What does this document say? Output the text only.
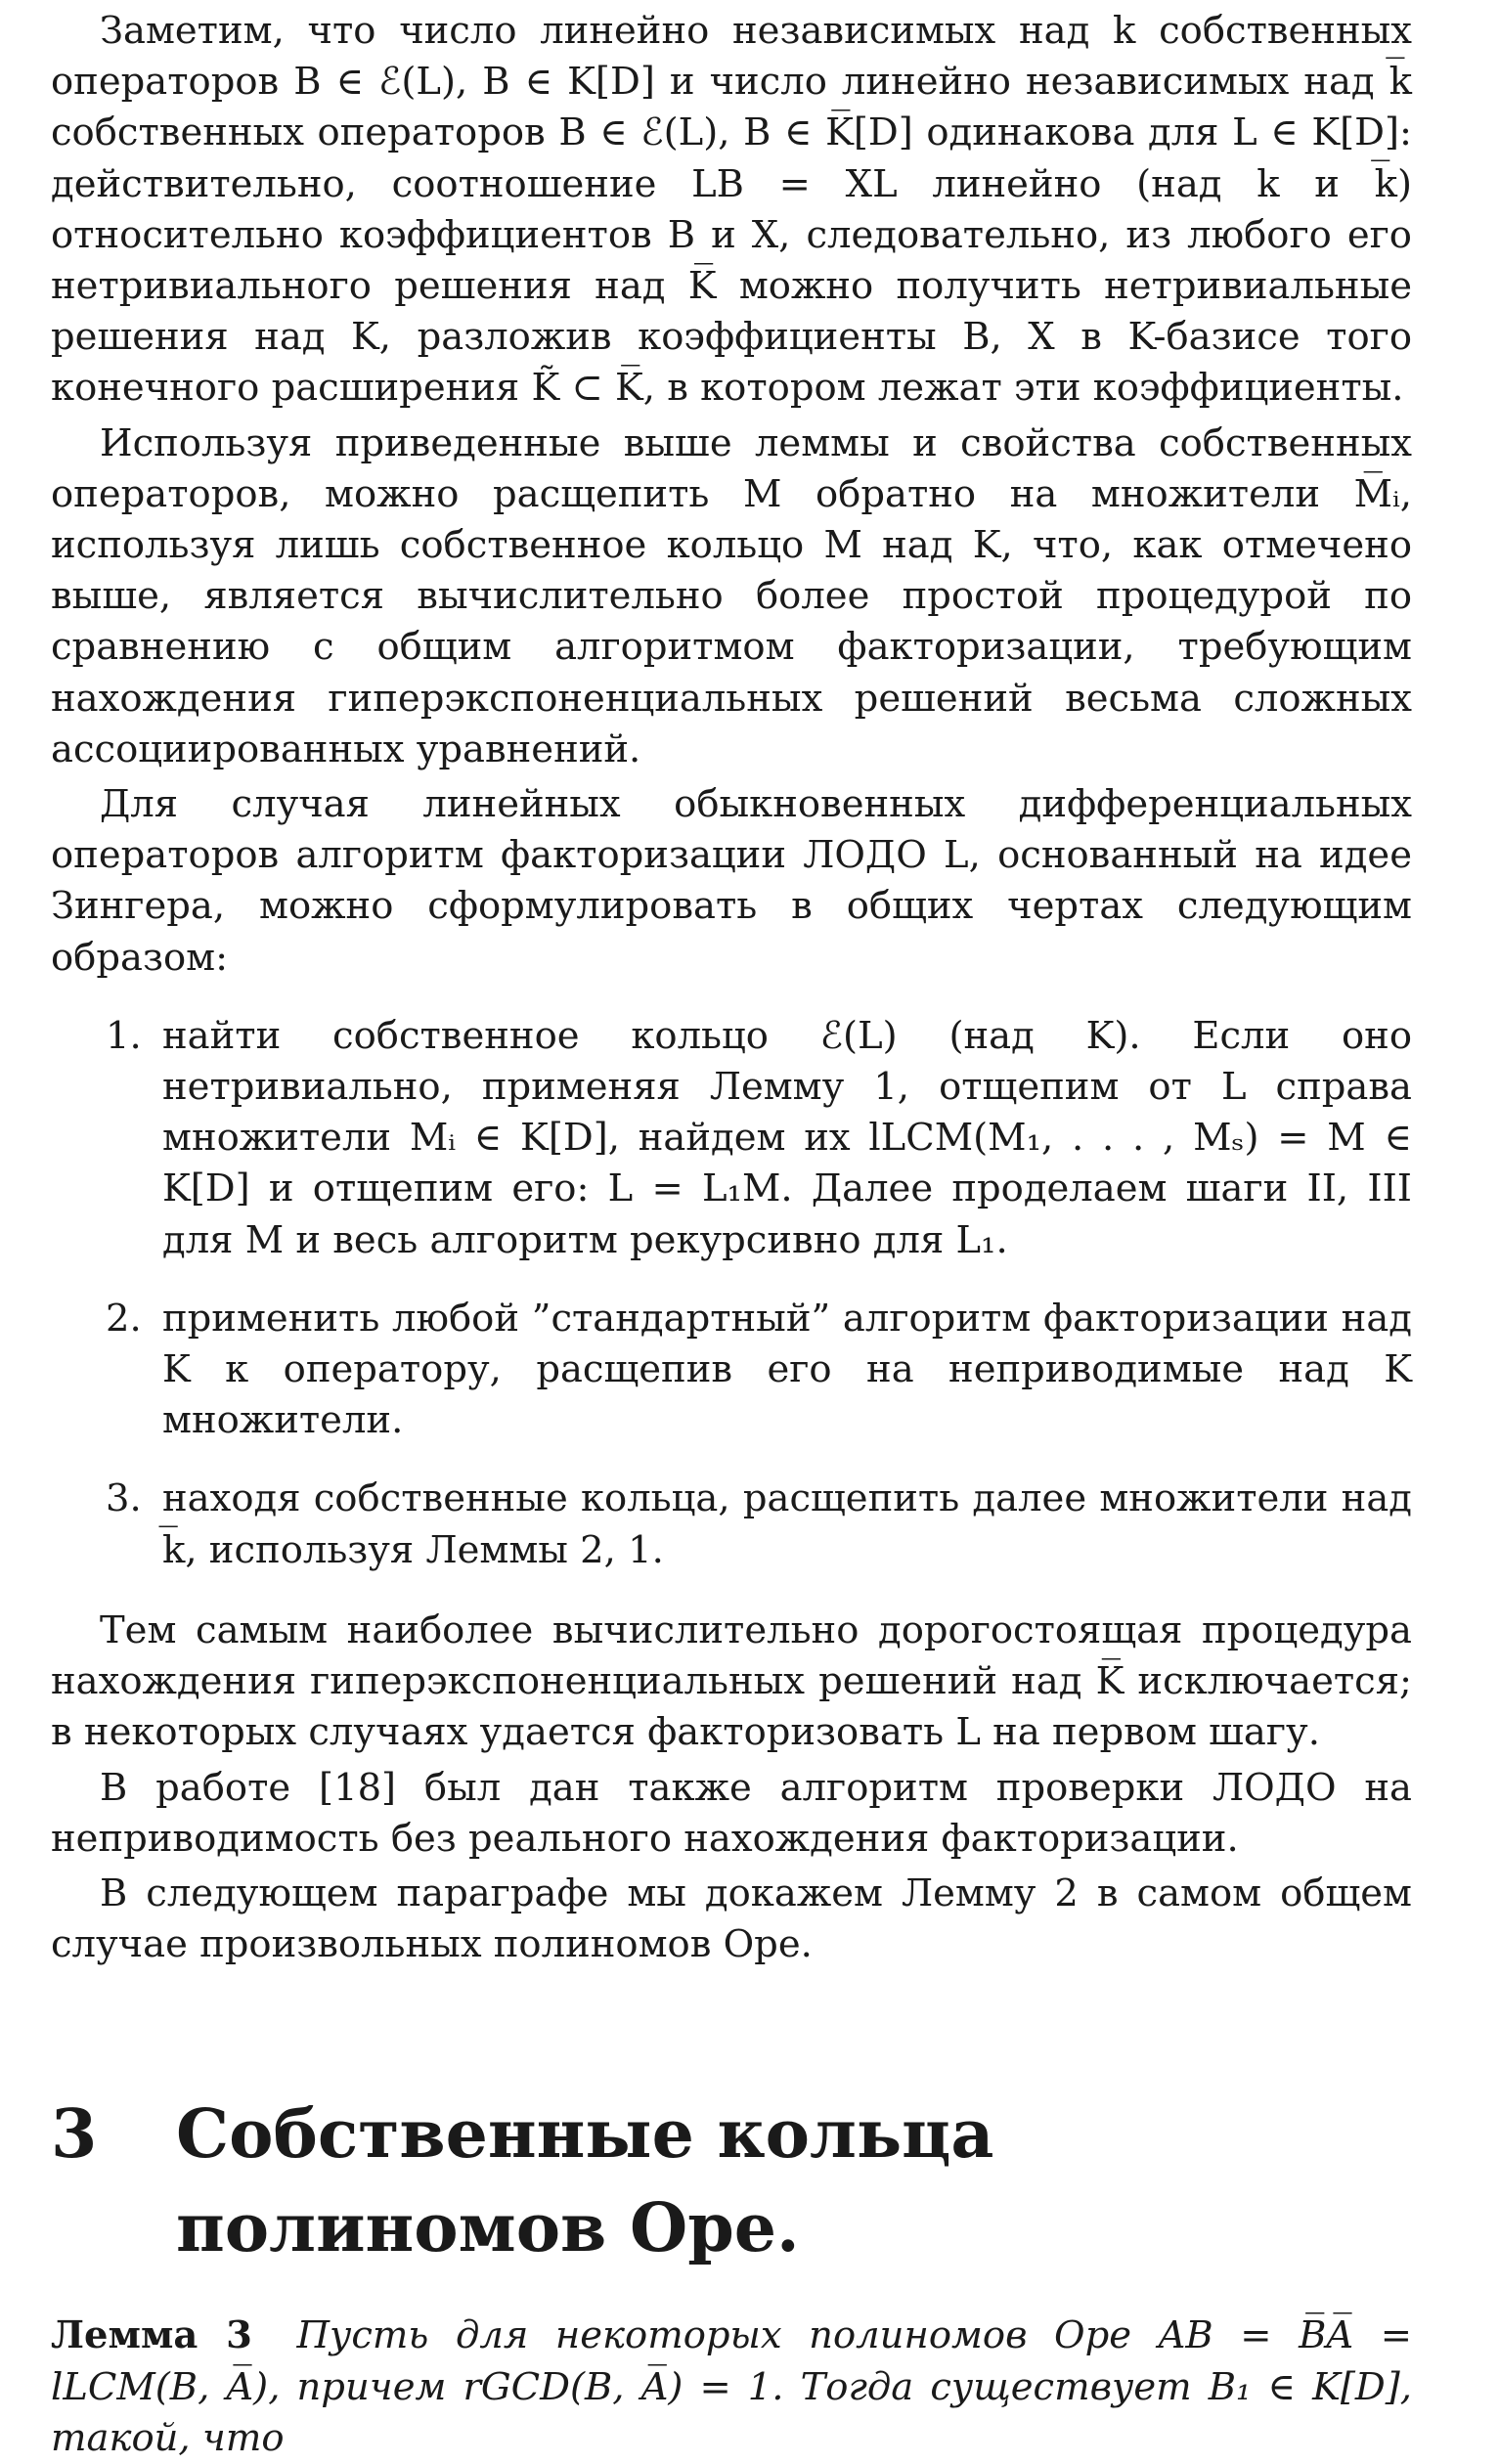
Заметим, что число линейно независимых над k собственных операторов B ∈ ℰ(L), B ∈ K[D] и число линейно независимых над k̅ собственных операторов B ∈ ℰ(L), B ∈ K̅[D] одинакова для L ∈ K[D]: действительно, соотношение LB = XL линейно (над k и k̅) относительно коэффициентов B и X, следовательно, из любого его нетривиального решения над K̅ можно получить нетривиальные решения над K, разложив коэффициенты B, X в K-базисе того конечного расширения K̃ ⊂ K̅, в котором лежат эти коэффициенты.

Используя приведенные выше леммы и свойства собственных операторов, можно расщепить M обратно на множители M̅ᵢ, используя лишь собственное кольцо M над K, что, как отмечено выше, является вычислительно более простой процедурой по сравнению с общим алгоритмом факторизации, требующим нахождения гиперэкспоненциальных решений весьма сложных ассоциированных уравнений.

Для случая линейных обыкновенных дифференциальных операторов алгоритм факторизации ЛОДО L, основанный на идее Зингера, можно сформулировать в общих чертах следующим образом:

1. найти собственное кольцо ℰ(L) (над K). Если оно нетривиально, применяя Лемму 1, отщепим от L справа множители Mᵢ ∈ K[D], найдем их lLCM(M₁, . . . , Mₛ) = M ∈ K[D] и отщепим его: L = L₁M. Далее проделаем шаги II, III для M и весь алгоритм рекурсивно для L₁.
2. применить любой ”стандартный” алгоритм факторизации над K к оператору, расщепив его на неприводимые над K множители.
3. находя собственные кольца, расщепить далее множители над k̅, используя Леммы 2, 1.

Тем самым наиболее вычислительно дорогостоящая процедура нахождения гиперэкспоненциальных решений над K̅ исключается; в некоторых случаях удается факторизовать L на первом шагу.

В работе [18] был дан также алгоритм проверки ЛОДО на неприводимость без реального нахождения факторизации.

В следующем параграфе мы докажем Лемму 2 в самом общем случае произвольных полиномов Оре.

3	Собственные кольца полиномов Оре.
Лемма 3 Пусть для некоторых полиномов Оре AB = B̅A̅ = lLCM(B, A̅), причем rGCD(B, A̅) = 1. Тогда существует B₁ ∈ K[D], такой, что
